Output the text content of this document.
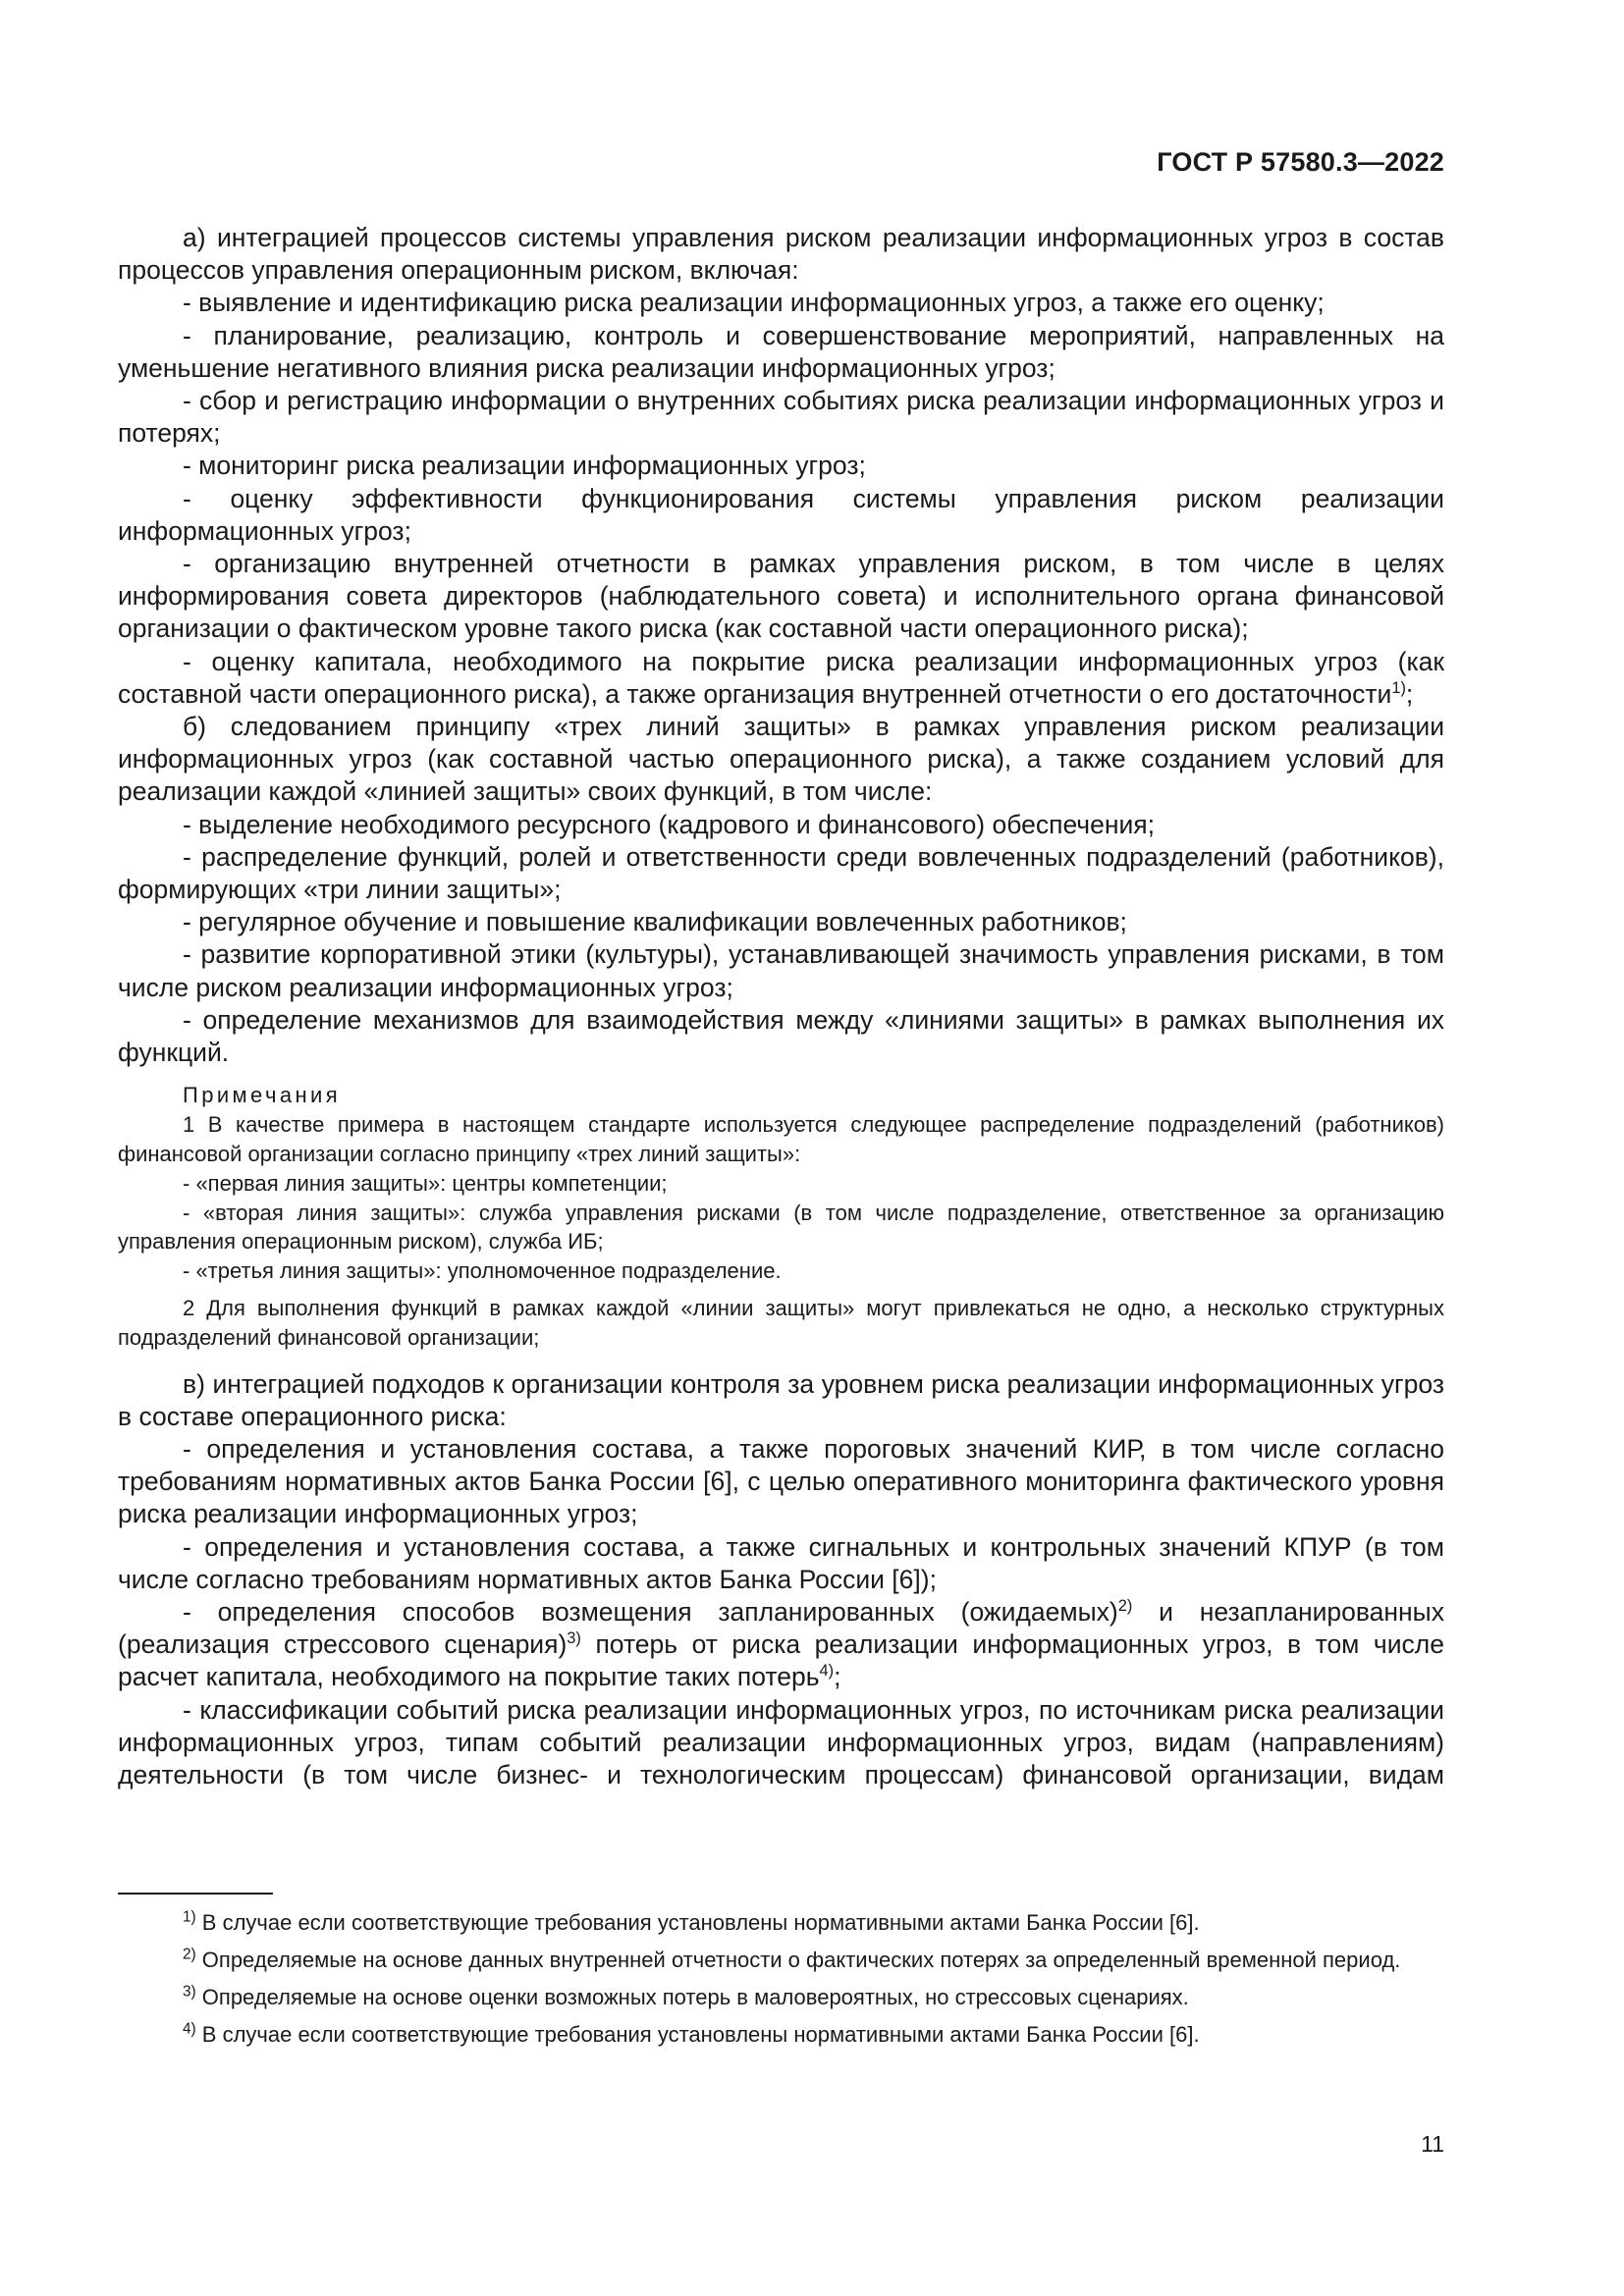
ГОСТ Р 57580.3—2022

а) интеграцией процессов системы управления риском реализации информационных угроз в состав процессов управления операционным риском, включая:

- выявление и идентификацию риска реализации информационных угроз, а также его оценку;

- планирование, реализацию, контроль и совершенствование мероприятий, направленных на уменьшение негативного влияния риска реализации информационных угроз;

- сбор и регистрацию информации о внутренних событиях риска реализации информационных угроз и потерях;

- мониторинг риска реализации информационных угроз;

- оценку эффективности функционирования системы управления риском реализации информационных угроз;

- организацию внутренней отчетности в рамках управления риском, в том числе в целях информирования совета директоров (наблюдательного совета) и исполнительного органа финансовой организации о фактическом уровне такого риска (как составной части операционного риска);

- оценку капитала, необходимого на покрытие риска реализации информационных угроз (как составной части операционного риска), а также организация внутренней отчетности о его достаточности$^{1)}$;

б) следованием принципу «трех линий защиты» в рамках управления риском реализации информационных угроз (как составной частью операционного риска), а также созданием условий для реализации каждой «линией защиты» своих функций, в том числе:

- выделение необходимого ресурсного (кадрового и финансового) обеспечения;

- распределение функций, ролей и ответственности среди вовлеченных подразделений (работников), формирующих «три линии защиты»;

- регулярное обучение и повышение квалификации вовлеченных работников;

- развитие корпоративной этики (культуры), устанавливающей значимость управления рисками, в том числе риском реализации информационных угроз;

- определение механизмов для взаимодействия между «линиями защиты» в рамках выполнения их функций.

Примечания

1 В качестве примера в настоящем стандарте используется следующее распределение подразделений (работников) финансовой организации согласно принципу «трех линий защиты»:

- «первая линия защиты»: центры компетенции;

- «вторая линия защиты»: служба управления рисками (в том числе подразделение, ответственное за организацию управления операционным риском), служба ИБ;

- «третья линия защиты»: уполномоченное подразделение.

2 Для выполнения функций в рамках каждой «линии защиты» могут привлекаться не одно, а несколько структурных подразделений финансовой организации;

в) интеграцией подходов к организации контроля за уровнем риска реализации информационных угроз в составе операционного риска:

- определения и установления состава, а также пороговых значений КИР, в том числе согласно требованиям нормативных актов Банка России [6], с целью оперативного мониторинга фактического уровня риска реализации информационных угроз;

- определения и установления состава, а также сигнальных и контрольных значений КПУР (в том числе согласно требованиям нормативных актов Банка России [6]);

- определения способов возмещения запланированных (ожидаемых)$^{2)}$ и незапланированных (реализация стрессового сценария)$^{3)}$ потерь от риска реализации информационных угроз, в том числе расчет капитала, необходимого на покрытие таких потерь$^{4)}$;

- классификации событий риска реализации информационных угроз, по источникам риска реализации информационных угроз, типам событий реализации информационных угроз, видам (направлениям) деятельности (в том числе бизнес- и технологическим процессам) финансовой организации, видам

$^{1)}$ В случае если соответствующие требования установлены нормативными актами Банка России [6].

$^{2)}$ Определяемые на основе данных внутренней отчетности о фактических потерях за определенный временной период.

$^{3)}$ Определяемые на основе оценки возможных потерь в маловероятных, но стрессовых сценариях.

$^{4)}$ В случае если соответствующие требования установлены нормативными актами Банка России [6].

11
